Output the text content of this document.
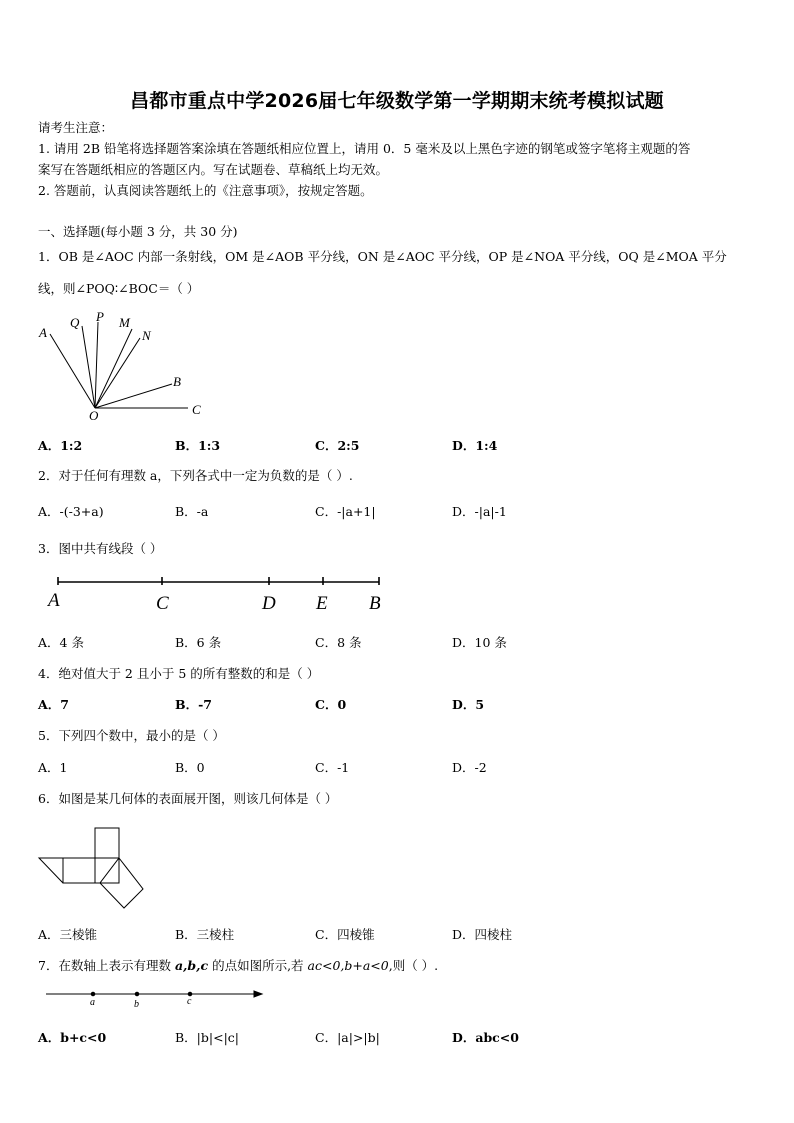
昌都市重点中学2026届七年级数学第一学期期末统考模拟试题
请考生注意：
1. 请用 2B 铅笔将选择题答案涂填在答题纸相应位置上，请用 0．5 毫米及以上黑色字迹的钢笔或签字笔将主观题的答
案写在答题纸相应的答题区内。写在试题卷、草稿纸上均无效。
2. 答题前，认真阅读答题纸上的《注意事项》，按规定答题。
一、选择题(每小题 3 分，共 30 分)
1．OB 是∠AOC 内部一条射线，OM 是∠AOB 平分线，ON 是∠AOC 平分线，OP 是∠NOA 平分线，OQ 是∠MOA 平分
线，则∠POQ∶∠BOC＝（ ）
A
Q P M
N
B
O	C
A．1:2	B．1:3	C．2:5	D．1:4
2．对于任何有理数 a，下列各式中一定为负数的是（ ）.
A．-(-3+a)	B．-a	C．-|a+1|	D．-|a|-1
3．图中共有线段（ ）
A	C	D E B
A．4 条	B．6 条	C．8 条	D．10 条
4．绝对值大于 2 且小于 5 的所有整数的和是（ ）
A．7	B．-7	C．0	D．5
5．下列四个数中，最小的是（ ）
A．1	B．0	C．-1	D．-2
6．如图是某几何体的表面展开图，则该几何体是（ ）
A．三棱锥	B．三棱柱	C．四棱锥	D．四棱柱
7．在数轴上表示有理数 a,b,c 的点如图所示,若 ac<0,b+a<0,则（ ）.
a	b	c
A．b+c<0	B．|b|<|c|	C．|a|>|b|	D．abc<0
